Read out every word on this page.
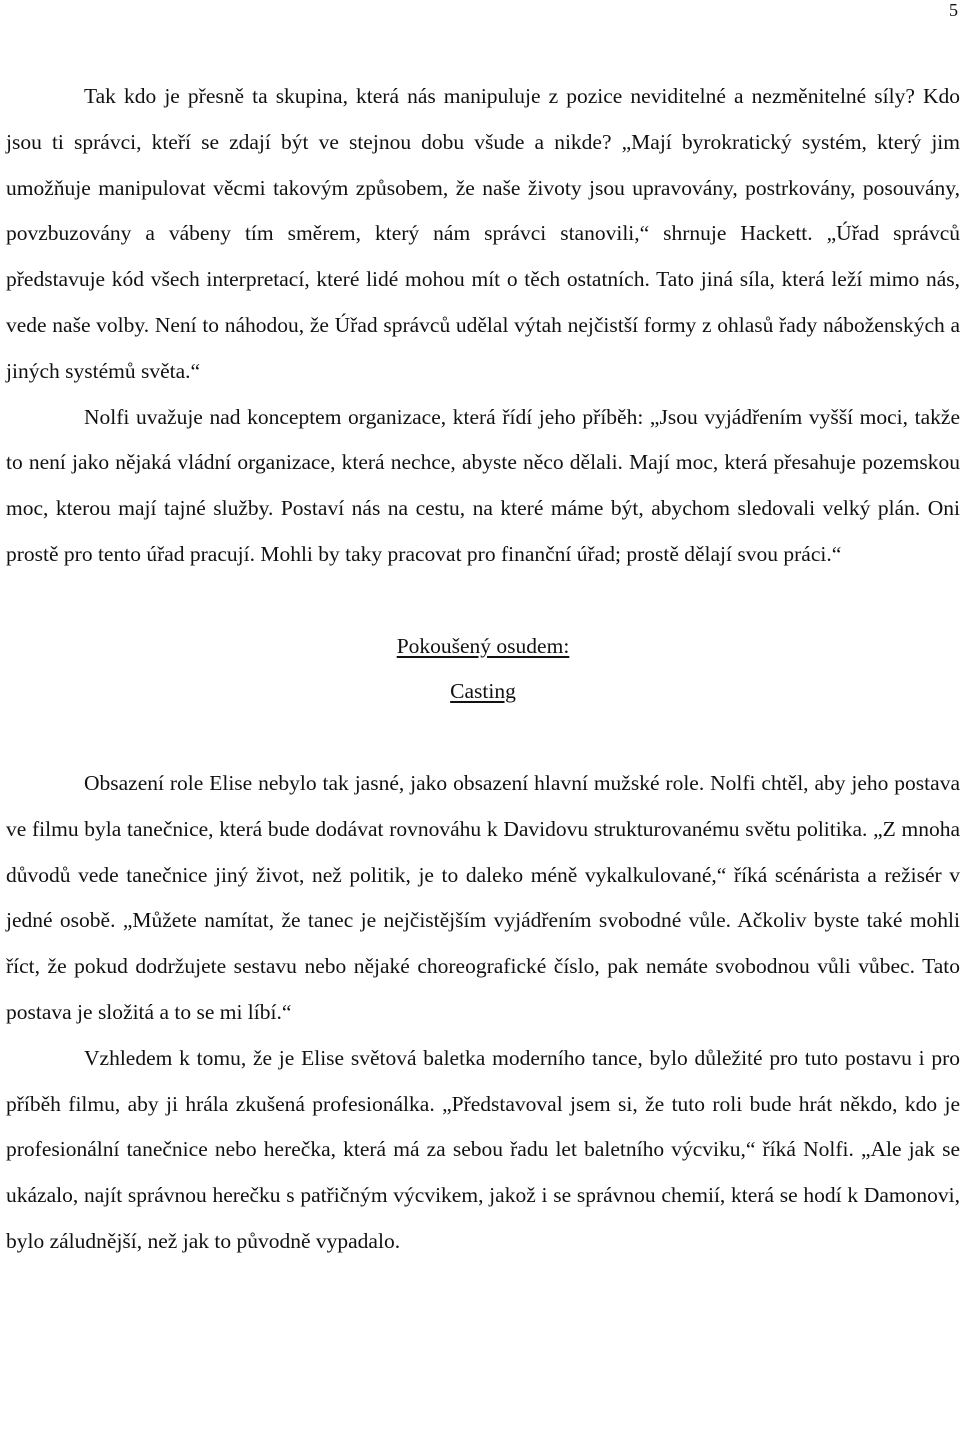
5

Tak kdo je přesně ta skupina, která nás manipuluje z pozice neviditelné a nezměnitelné síly? Kdo jsou ti správci, kteří se zdají být ve stejnou dobu všude a nikde? „Mají byrokratický systém, který jim umožňuje manipulovat věcmi takovým způsobem, že naše životy jsou upravovány, postrkovány, posouvány, povzbuzovány a vábeny tím směrem, který nám správci stanovili,“ shrnuje Hackett. „Úřad správců představuje kód všech interpretací, které lidé mohou mít o těch ostatních. Tato jiná síla, která leží mimo nás, vede naše volby. Není to náhodou, že Úřad správců udělal výtah nejčistší formy z ohlasů řady náboženských a jiných systémů světa.“

Nolfi uvažuje nad konceptem organizace, která řídí jeho příběh: „Jsou vyjádřením vyšší moci, takže to není jako nějaká vládní organizace, která nechce, abyste něco dělali. Mají moc, která přesahuje pozemskou moc, kterou mají tajné služby. Postaví nás na cestu, na které máme být, abychom sledovali velký plán. Oni prostě pro tento úřad pracují. Mohli by taky pracovat pro finanční úřad; prostě dělají svou práci.“

Pokoušený osudem:

Casting

Obsazení role Elise nebylo tak jasné, jako obsazení hlavní mužské role. Nolfi chtěl, aby jeho postava ve filmu byla tanečnice, která bude dodávat rovnováhu k Davidovu strukturovanému světu politika. „Z mnoha důvodů vede tanečnice jiný život, než politik, je to daleko méně vykalkulované,“ říká scénárista a režisér v jedné osobě. „Můžete namítat, že tanec je nejčistějším vyjádřením svobodné vůle. Ačkoliv byste také mohli říct, že pokud dodržujete sestavu nebo nějaké choreografické číslo, pak nemáte svobodnou vůli vůbec. Tato postava je složitá a to se mi líbí.“

Vzhledem k tomu, že je Elise světová baletka moderního tance, bylo důležité pro tuto postavu i pro příběh filmu, aby ji hrála zkušená profesionálka. „Představoval jsem si, že tuto roli bude hrát někdo, kdo je profesionální tanečnice nebo herečka, která má za sebou řadu let baletního výcviku,“ říká Nolfi. „Ale jak se ukázalo, najít správnou herečku s patřičným výcvikem, jakož i se správnou chemií, která se hodí k Damonovi, bylo záludnější, než jak to původně vypadalo.
